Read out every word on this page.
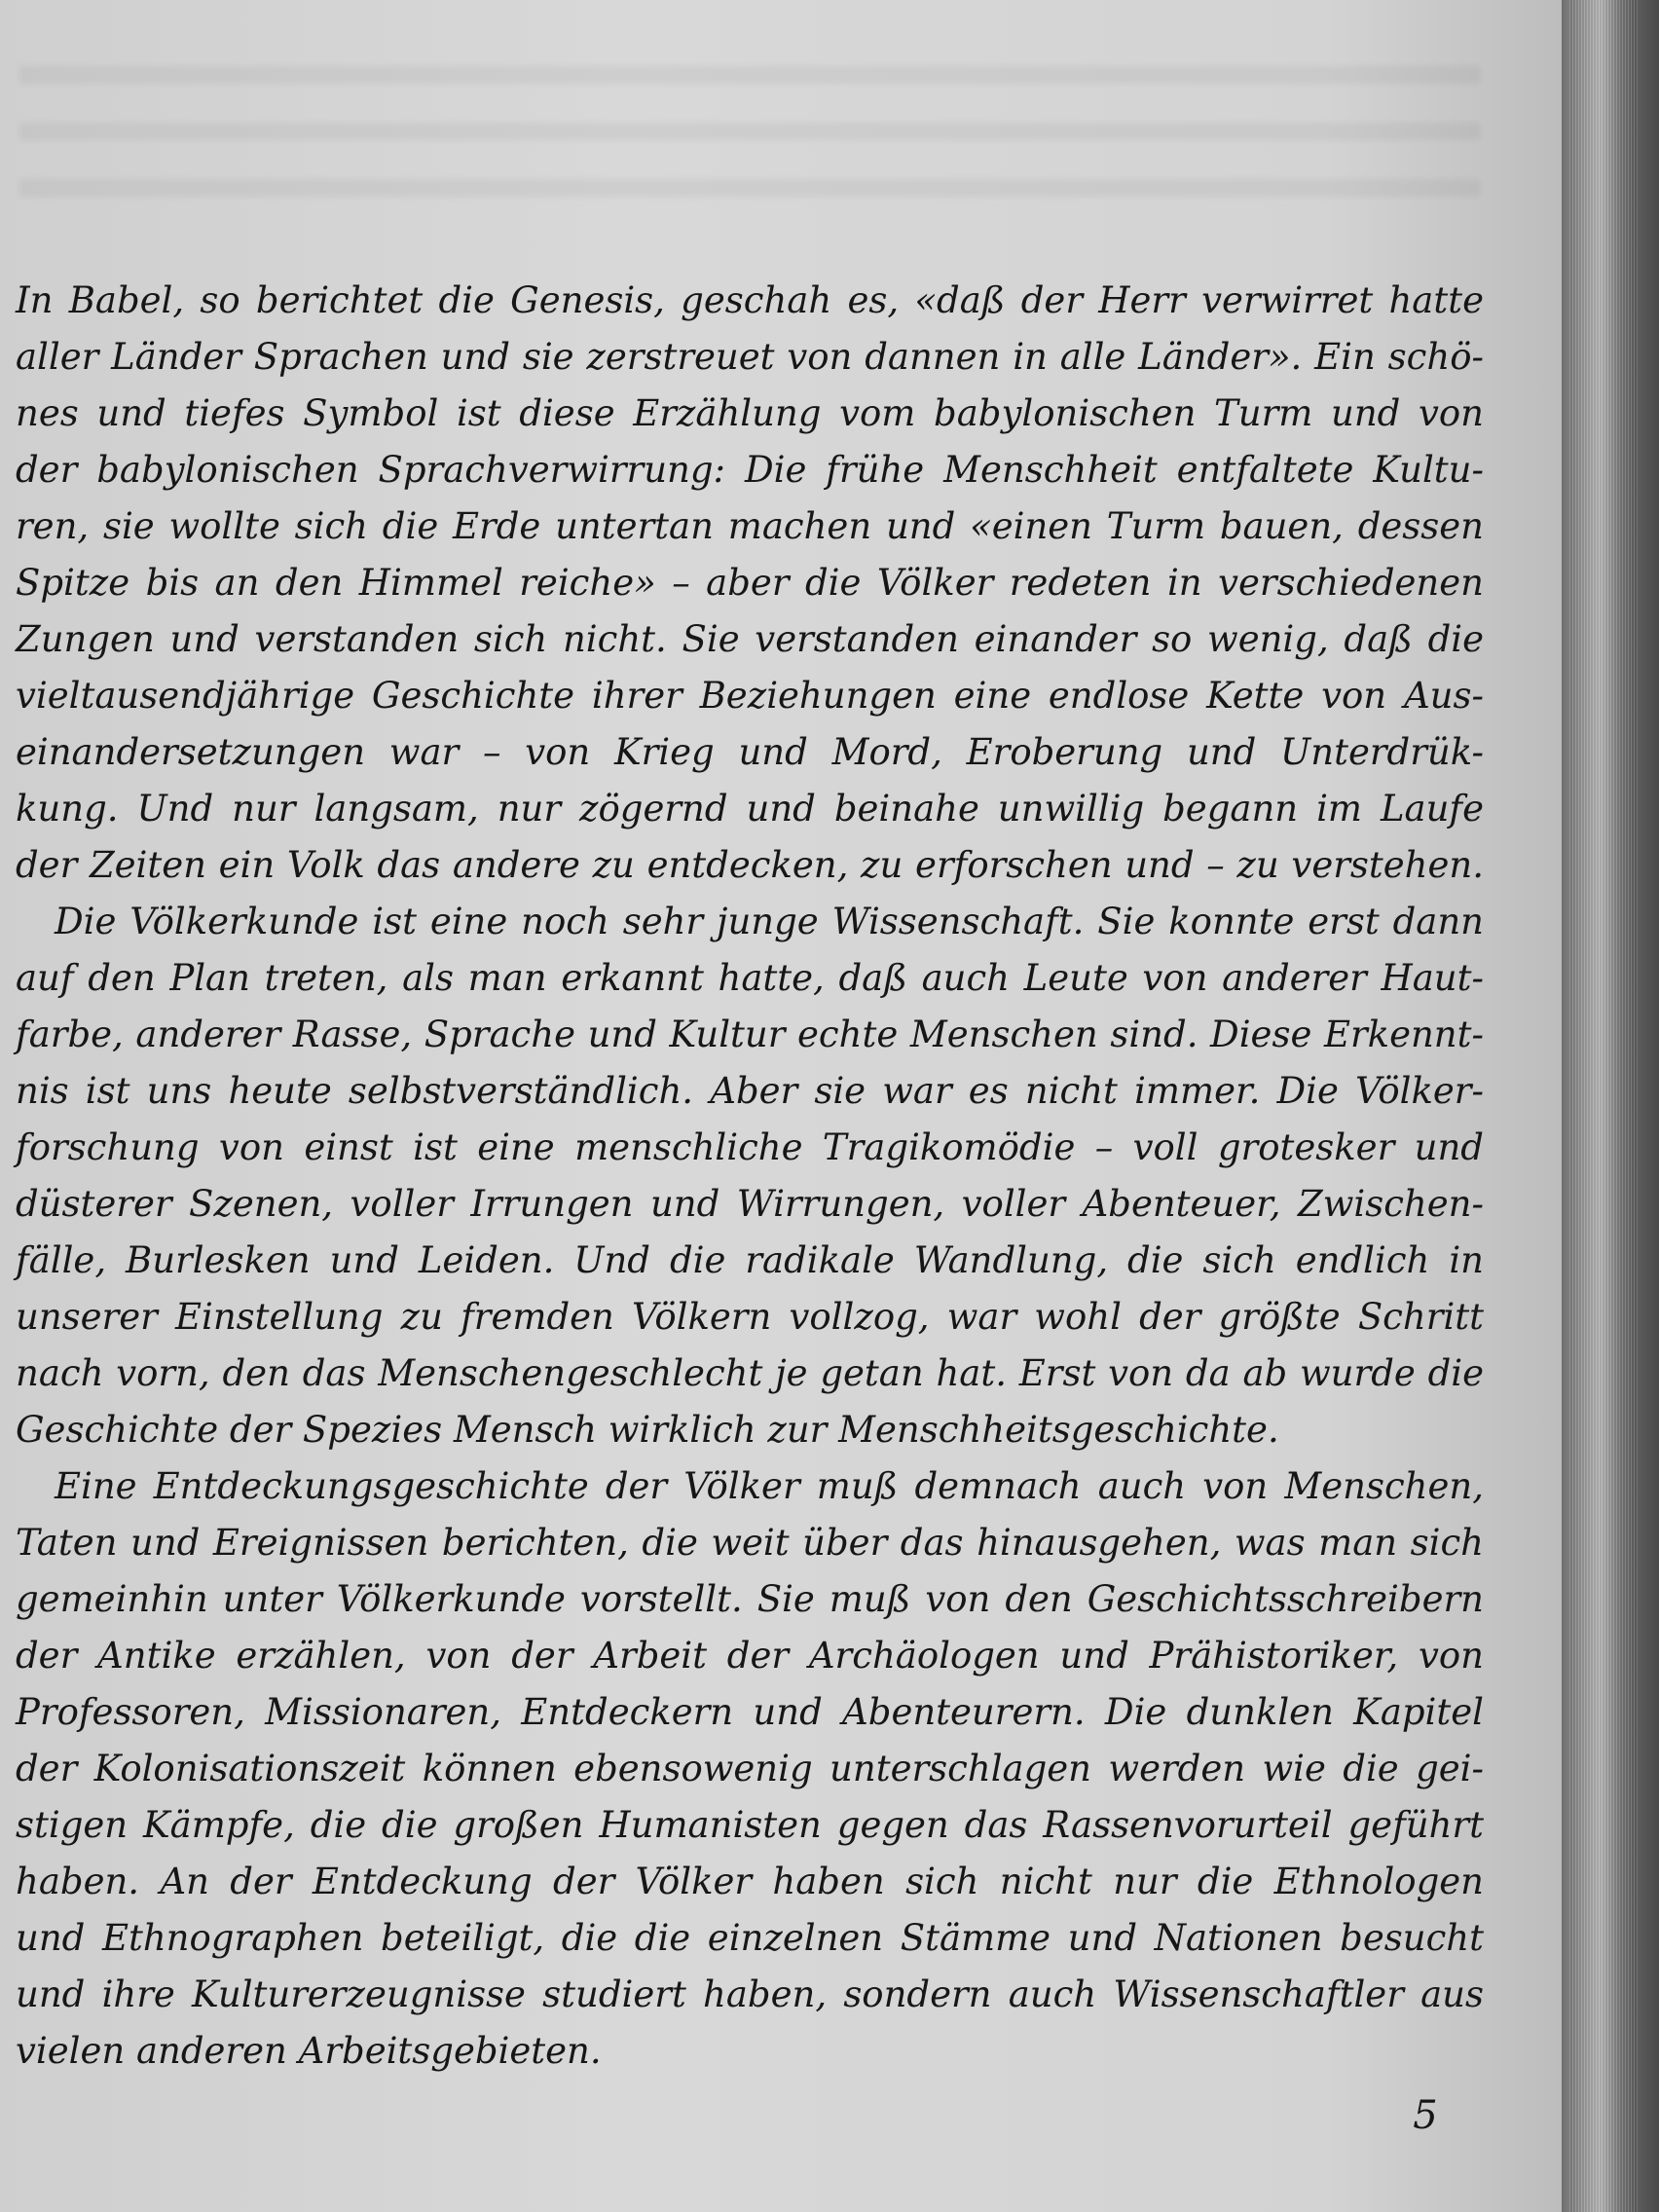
In Babel, so berichtet die Genesis, geschah es, «daß der Herr verwirret hatte
aller Länder Sprachen und sie zerstreuet von dannen in alle Länder». Ein schö-
nes und tiefes Symbol ist diese Erzählung vom babylonischen Turm und von
der babylonischen Sprachverwirrung: Die frühe Menschheit entfaltete Kultu-
ren, sie wollte sich die Erde untertan machen und «einen Turm bauen, dessen
Spitze bis an den Himmel reiche» – aber die Völker redeten in verschiedenen
Zungen und verstanden sich nicht. Sie verstanden einander so wenig, daß die
vieltausendjährige Geschichte ihrer Beziehungen eine endlose Kette von Aus-
einandersetzungen war – von Krieg und Mord, Eroberung und Unterdrük-
kung. Und nur langsam, nur zögernd und beinahe unwillig begann im Laufe
der Zeiten ein Volk das andere zu entdecken, zu erforschen und – zu verstehen.
Die Völkerkunde ist eine noch sehr junge Wissenschaft. Sie konnte erst dann
auf den Plan treten, als man erkannt hatte, daß auch Leute von anderer Haut-
farbe, anderer Rasse, Sprache und Kultur echte Menschen sind. Diese Erkennt-
nis ist uns heute selbstverständlich. Aber sie war es nicht immer. Die Völker-
forschung von einst ist eine menschliche Tragikomödie – voll grotesker und
düsterer Szenen, voller Irrungen und Wirrungen, voller Abenteuer, Zwischen-
fälle, Burlesken und Leiden. Und die radikale Wandlung, die sich endlich in
unserer Einstellung zu fremden Völkern vollzog, war wohl der größte Schritt
nach vorn, den das Menschengeschlecht je getan hat. Erst von da ab wurde die
Geschichte der Spezies Mensch wirklich zur Menschheitsgeschichte.
Eine Entdeckungsgeschichte der Völker muß demnach auch von Menschen,
Taten und Ereignissen berichten, die weit über das hinausgehen, was man sich
gemeinhin unter Völkerkunde vorstellt. Sie muß von den Geschichtsschreibern
der Antike erzählen, von der Arbeit der Archäologen und Prähistoriker, von
Professoren, Missionaren, Entdeckern und Abenteurern. Die dunklen Kapitel
der Kolonisationszeit können ebensowenig unterschlagen werden wie die gei-
stigen Kämpfe, die die großen Humanisten gegen das Rassenvorurteil geführt
haben. An der Entdeckung der Völker haben sich nicht nur die Ethnologen
und Ethnographen beteiligt, die die einzelnen Stämme und Nationen besucht
und ihre Kulturerzeugnisse studiert haben, sondern auch Wissenschaftler aus
vielen anderen Arbeitsgebieten.
5
